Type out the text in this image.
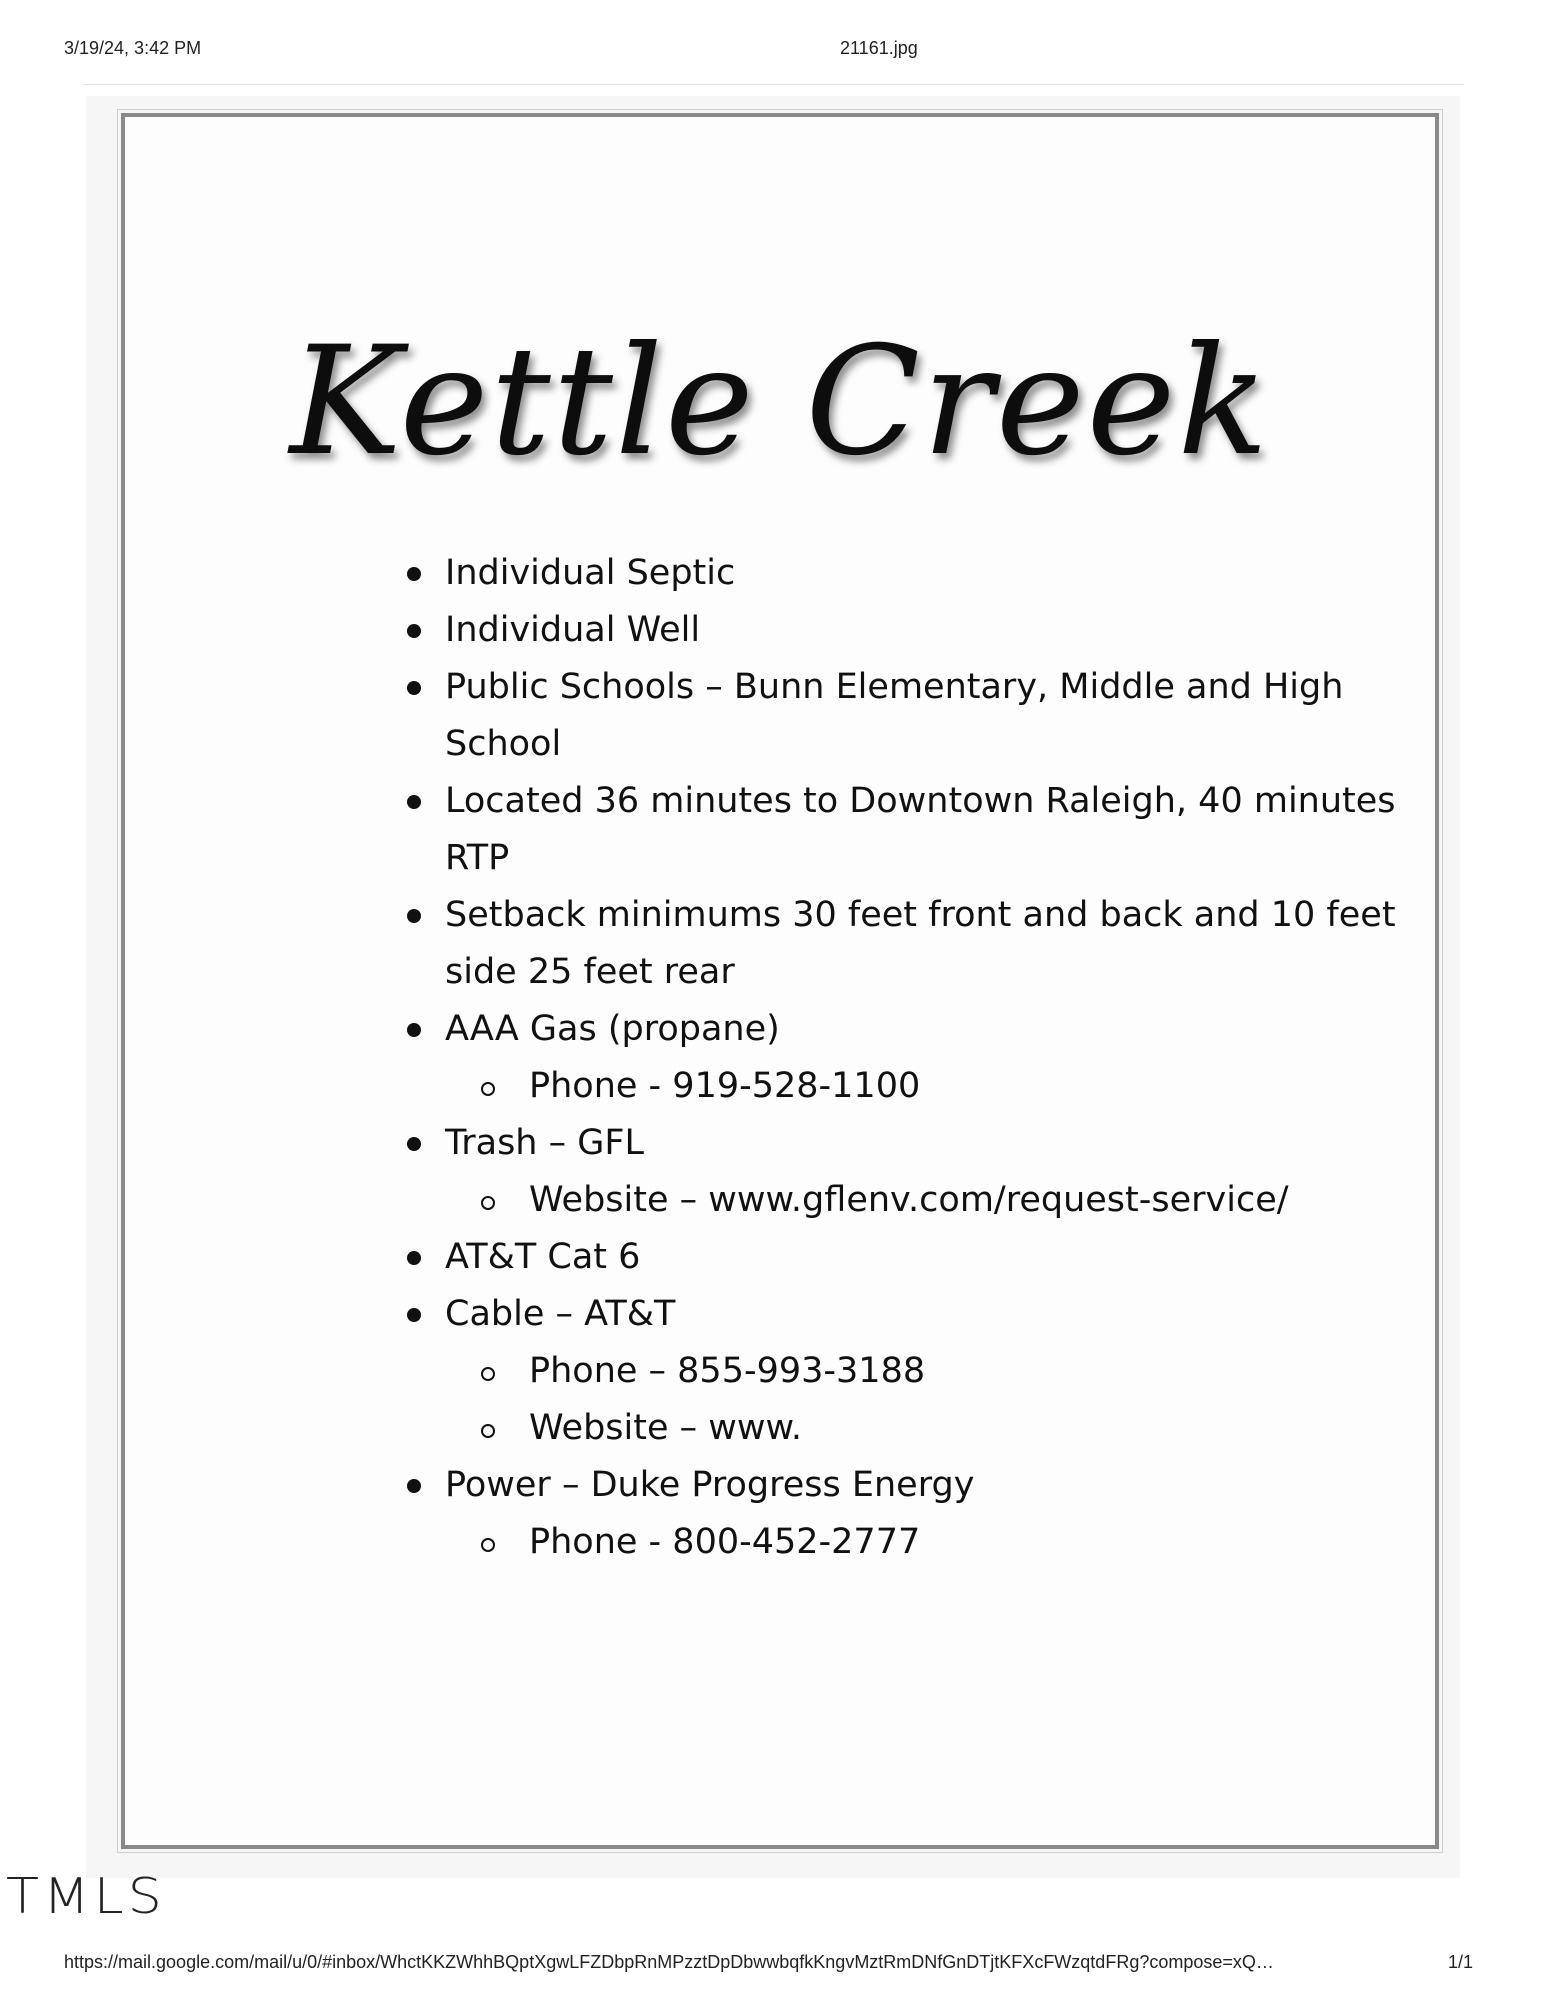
3/19/24, 3:42 PM	21161.jpg
Kettle Creek
Individual Septic
Individual Well
Public Schools – Bunn Elementary, Middle and High School
Located 36 minutes to Downtown Raleigh, 40 minutes RTP
Setback minimums 30 feet front and back and 10 feet side 25 feet rear
AAA Gas (propane)
Phone - 919-528-1100
Trash – GFL
Website – www.gflenv.com/request-service/
AT&T Cat 6
Cable – AT&T
Phone – 855-993-3188
Website – www.
Power – Duke Progress Energy
Phone - 800-452-2777
TMLS
https://mail.google.com/mail/u/0/#inbox/WhctKKZWhhBQptXgwLFZDbpRnMPzztDpDbwwbqfkKngvMztRmDNfGnDTjtKFXcFWzqtdFRg?compose=xQ…	1/1
